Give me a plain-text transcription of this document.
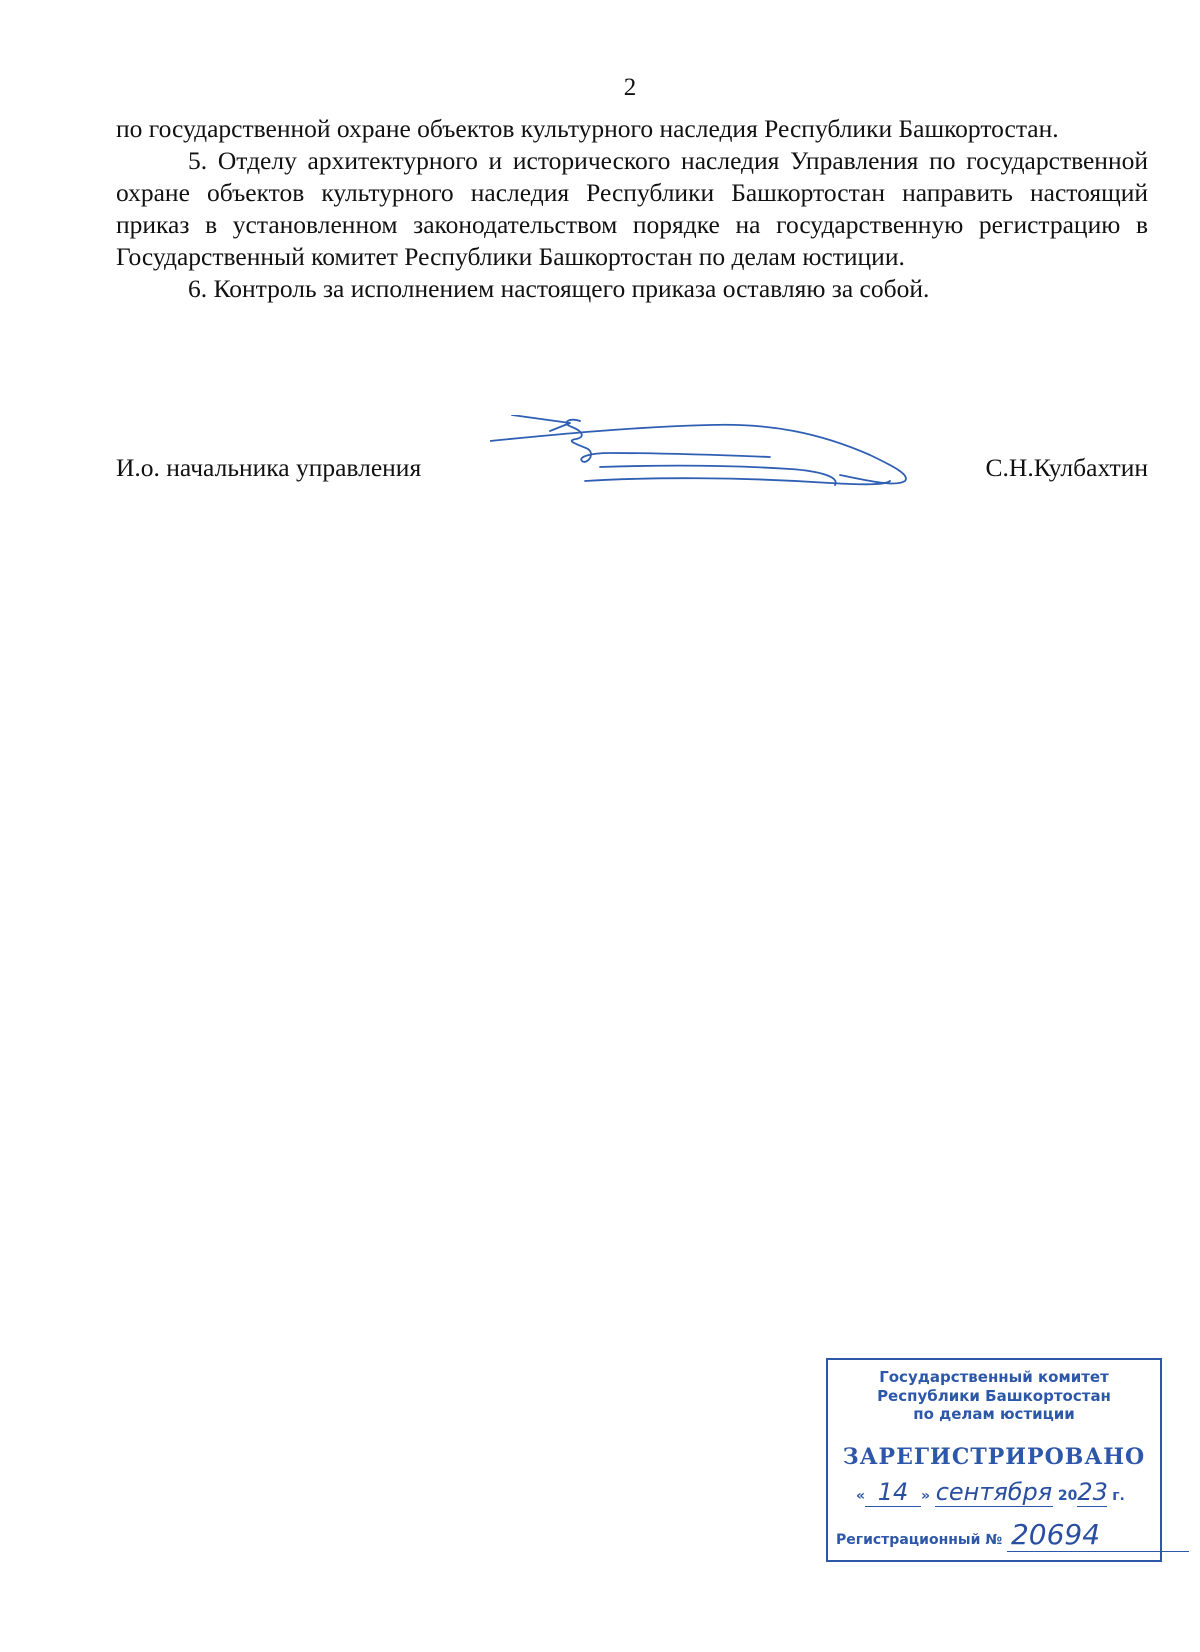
2

по государственной охране объектов культурного наследия Республики Башкортостан.

5. Отделу архитектурного и исторического наследия Управления по государственной охране объектов культурного наследия Республики Башкортостан направить настоящий приказ в установленном законодательством порядке на государственную регистрацию в Государственный комитет Республики Башкортостан по делам юстиции.

6. Контроль за исполнением настоящего приказа оставляю за собой.

И.о. начальника управления	С.Н.Кулбахтин
Государственный комитет
Республики Башкортостан
по делам юстиции
ЗАРЕГИСТРИРОВАНО
« 14 » сентября 2023 г.
Регистрационный № 20694
